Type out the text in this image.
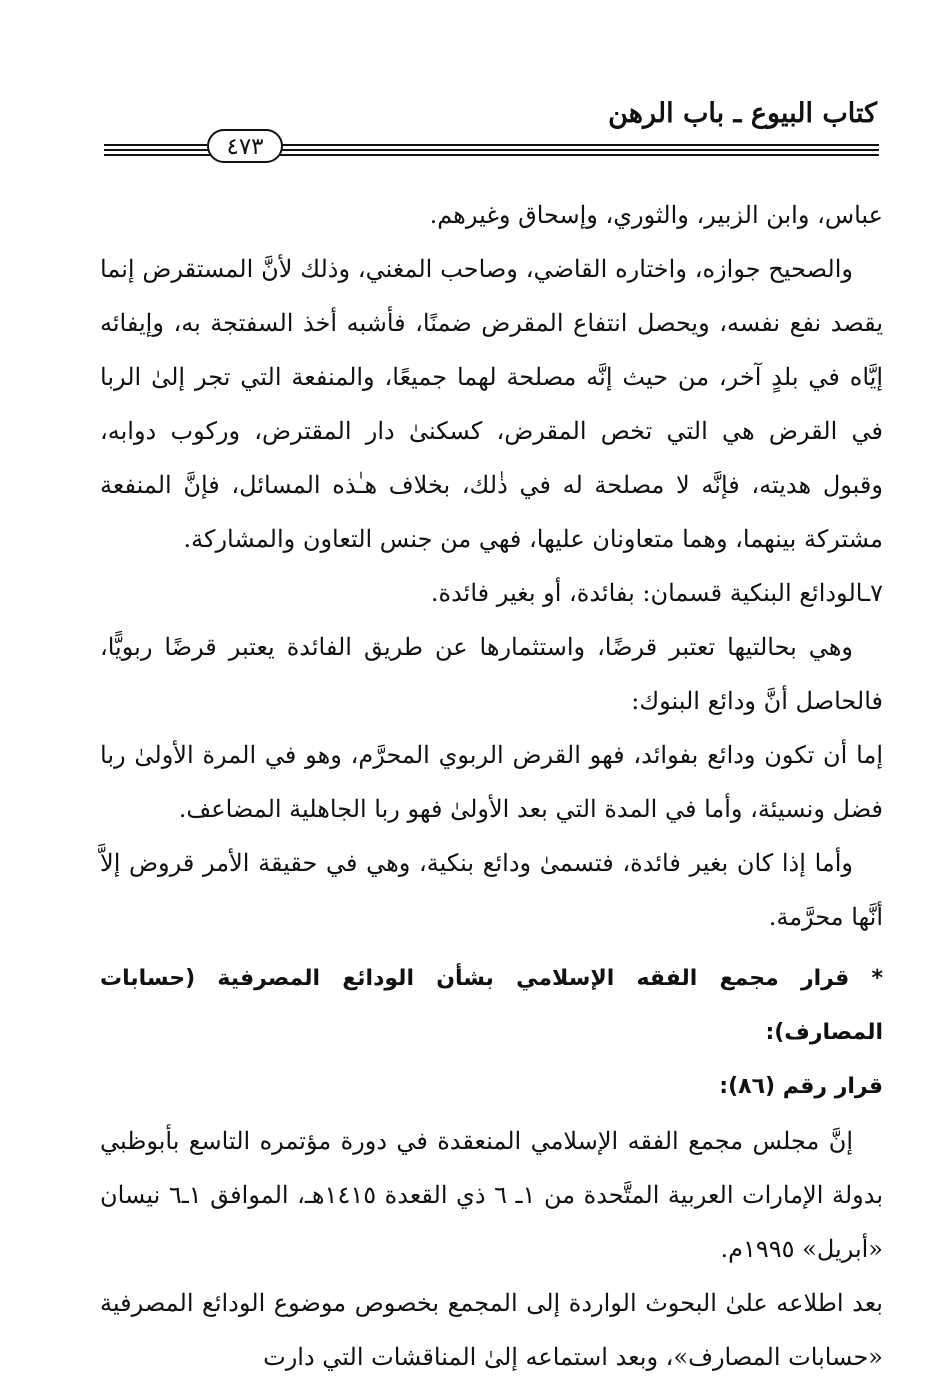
كتاب البيوع ـ باب الرهن
٤٧٣

عباس، وابن الزبير، والثوري، وإسحاق وغيرهم.

والصحيح جوازه، واختاره القاضي، وصاحب المغني، وذلك لأنَّ المستقرض إنما يقصد نفع نفسه، ويحصل انتفاع المقرض ضمنًا، فأشبه أخذ السفتجة به، وإيفائه إيَّاه في بلدٍ آخر، من حيث إنَّه مصلحة لهما جميعًا، والمنفعة التي تجر إلىٰ الربا في القرض هي التي تخص المقرض، كسكنىٰ دار المقترض، وركوب دوابه، وقبول هديته، فإنَّه لا مصلحة له في ذٰلك، بخلاف هـٰذه المسائل، فإنَّ المنفعة مشتركة بينهما، وهما متعاونان عليها، فهي من جنس التعاون والمشاركة.

٧ـالودائع البنكية قسمان: بفائدة، أو بغير فائدة.

وهي بحالتيها تعتبر قرضًا، واستثمارها عن طريق الفائدة يعتبر قرضًا ربويًّا، فالحاصل أنَّ ودائع البنوك:

إما أن تكون ودائع بفوائد، فهو القرض الربوي المحرَّم، وهو في المرة الأولىٰ ربا فضل ونسيئة، وأما في المدة التي بعد الأولىٰ فهو ربا الجاهلية المضاعف.

وأما إذا كان بغير فائدة، فتسمىٰ ودائع بنكية، وهي في حقيقة الأمر قروض إلاَّ أنَّها محرَّمة.

* قرار مجمع الفقه الإسلامي بشأن الودائع المصرفية (حسابات المصارف):

قرار رقم (٨٦):

إنَّ مجلس مجمع الفقه الإسلامي المنعقدة في دورة مؤتمره التاسع بأبوظبي بدولة الإمارات العربية المتَّحدة من ١ـ ٦ ذي القعدة ١٤١٥هـ، الموافق ١ـ٦ نيسان «أبريل» ١٩٩٥م.

بعد اطلاعه علىٰ البحوث الواردة إلى المجمع بخصوص موضوع الودائع المصرفية «حسابات المصارف»، وبعد استماعه إلىٰ المناقشات التي دارت
